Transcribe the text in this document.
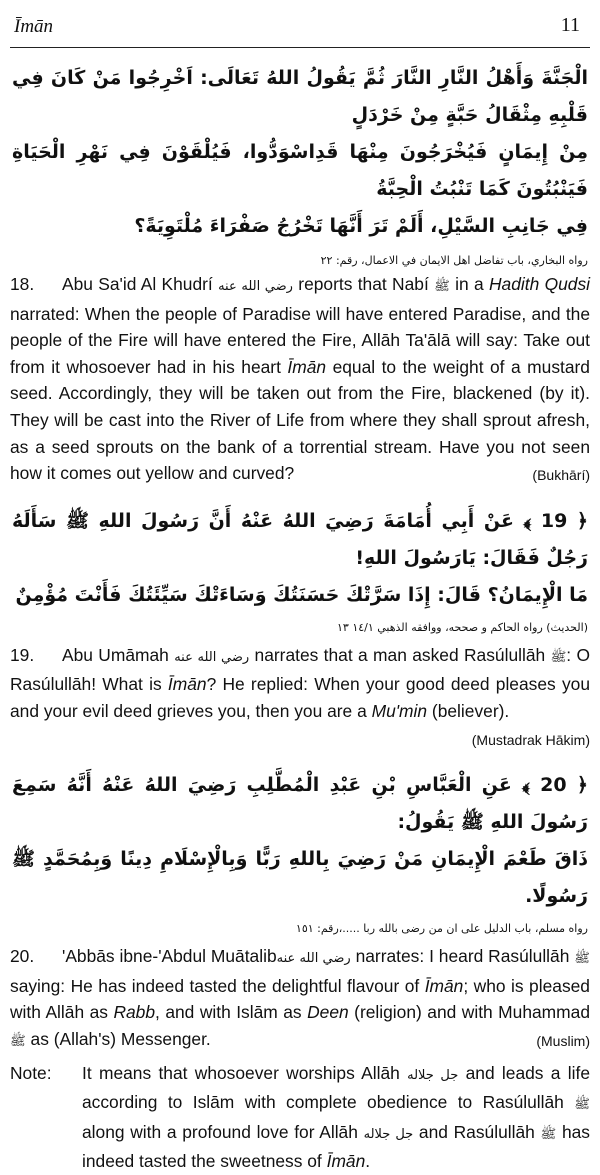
Īmān	11
الْجَنَّةَ وَأَهْلُ النَّارِ النَّارَ ثُمَّ يَقُولُ اللهُ تَعَالَى: اَخْرِجُوا مَنْ كَانَ فِي قَلْبِهِ مِثْقَالُ حَبَّةٍ مِنْ خَرْدَلٍ
مِنْ إِيمَانٍ فَيُخْرَجُونَ مِنْهَا قَدِاسْوَدُّوا، فَيُلْقَوْنَ فِي نَهْرِ الْحَيَاةِ فَيَنْبُتُونَ كَمَا تَنْبُتُ الْحِبَّةُ
فِي جَانِبِ السَّيْلِ، أَلَمْ تَرَ أَنَّهَا تَخْرُجُ صَفْرَاءَ مُلْتَوِيَةً؟
رواه البخاري، باب تفاضل اهل الايمان في الاعمال، رقم: ٢٢
18. Abu Sa'id Al Khudrí رضي الله عنه reports that Nabí ﷺ in a Hadith Qudsi narrated: When the people of Paradise will have entered Paradise, and the people of the Fire will have entered the Fire, Allāh Ta'ālā will say: Take out from it whosoever had in his heart Īmān equal to the weight of a mustard seed. Accordingly, they will be taken out from the Fire, blackened (by it). They will be cast into the River of Life from where they shall sprout afresh, as a seed sprouts on the bank of a torrential stream. Have you not seen how it comes out yellow and curved?	(Bukhārí)
﴿ 19 ﴾ عَنْ أَبِي أُمَامَةَ رَضِيَ اللهُ عَنْهُ أَنَّ رَسُولَ اللهِ ﷺ سَأَلَهُ رَجُلٌ فَقَالَ: يَارَسُولَ اللهِ!
مَا الْإِيمَانُ؟ قَالَ: إِذَا سَرَّتْكَ حَسَنَتُكَ وَسَاءَتْكَ سَيِّئَتُكَ فَأَنْتَ مُؤْمِنٌ
(الحديث) رواه الحاكم و صححه، ووافقه الذهبي ١٤/١ ١٣
19. Abu Umāmah رضي الله عنه narrates that a man asked Rasúlullāh ﷺ: O Rasúlullāh! What is Īmān? He replied: When your good deed pleases you and your evil deed grieves you, then you are a Mu'min (believer).
(Mustadrak Hākim)
﴿ 20 ﴾ عَنِ الْعَبَّاسِ بْنِ عَبْدِ الْمُطَّلِبِ رَضِيَ اللهُ عَنْهُ أَنَّهُ سَمِعَ رَسُولَ اللهِ ﷺ يَقُولُ:
ذَاقَ طَعْمَ الْإِيمَانِ مَنْ رَضِيَ بِاللهِ رَبًّا وَبِالْإِسْلَامِ دِينًا وَبِمُحَمَّدٍ ﷺ رَسُولًا.
رواه مسلم، باب الدليل على ان من رضى بالله ربا .....،رقم: ١٥١
20. 'Abbās ibne-'Abdul Muātalibرضي الله عنه narrates: I heard Rasúlullāh ﷺ saying: He has indeed tasted the delightful flavour of Īmān; who is pleased with Allāh as Rabb, and with Islām as Deen (religion) and with Muhammad ﷺ as (Allah's) Messenger.	(Muslim)
Note:	It means that whosoever worships Allāh جل جلاله and leads a life according to Islām with complete obedience to Rasúlullāh ﷺ along with a profound love for Allāh جل جلاله and Rasúlullāh ﷺ has indeed tasted the sweetness of Īmān.
